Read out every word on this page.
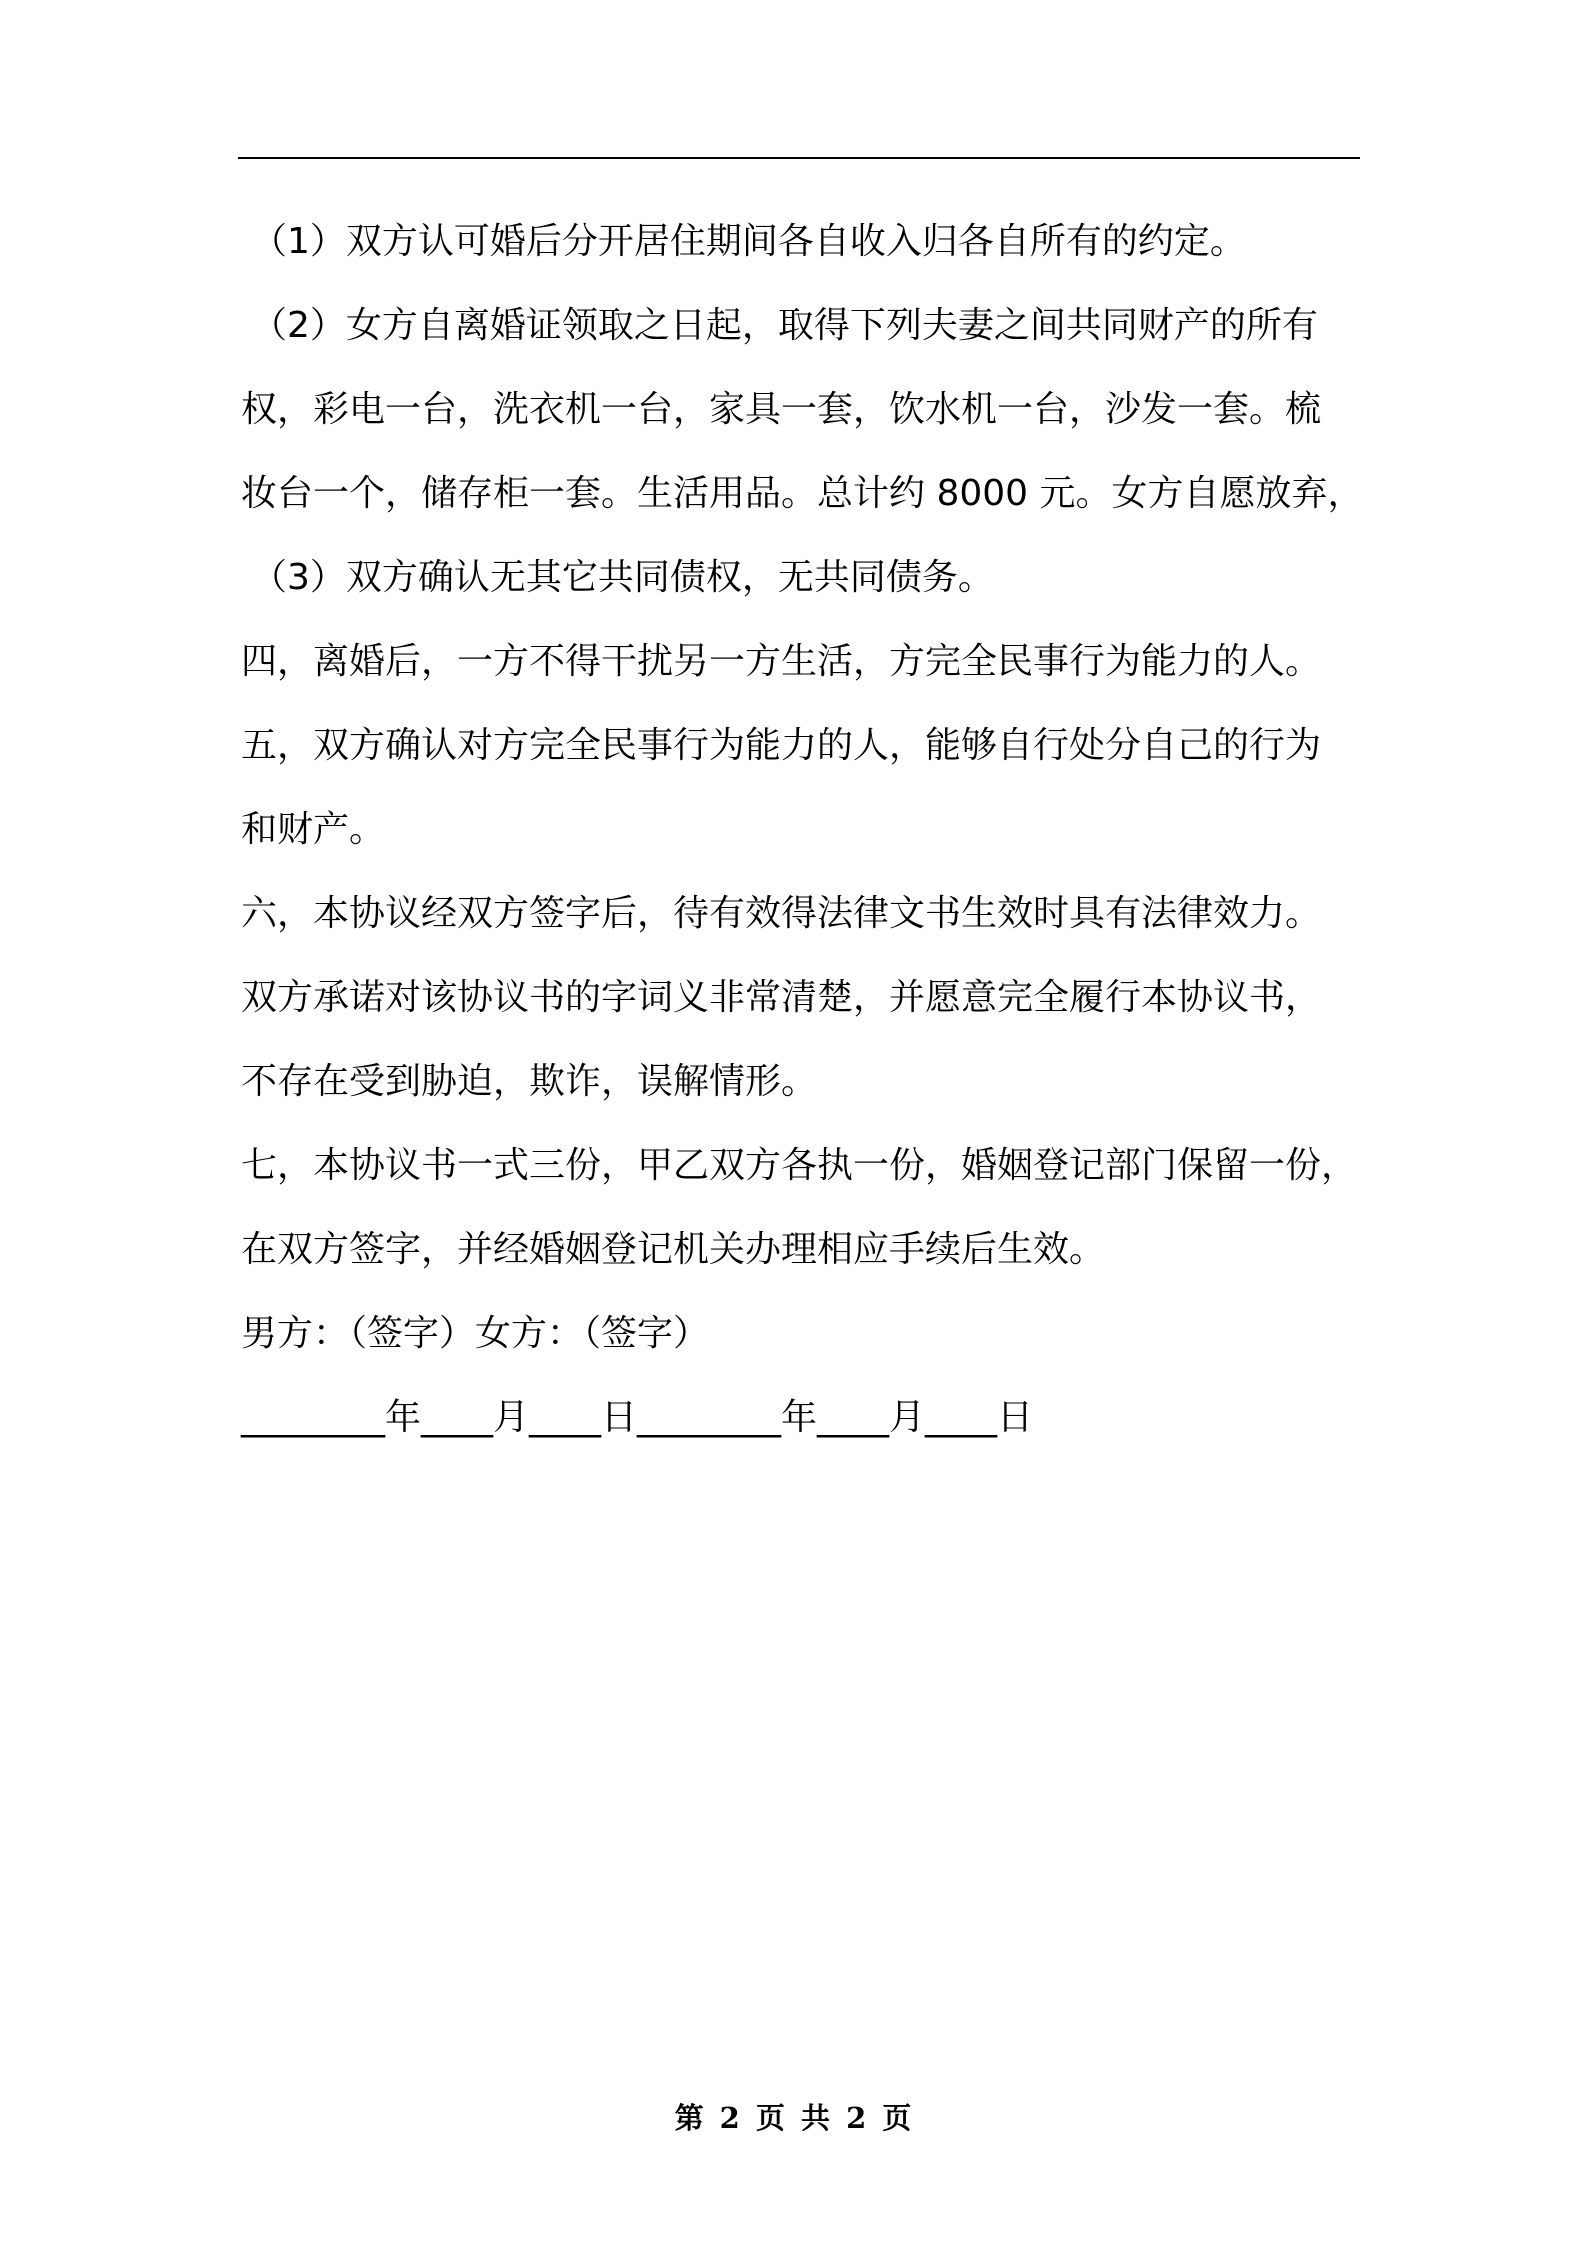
（1）双方认可婚后分开居住期间各自收入归各自所有的约定。

（2）女方自离婚证领取之日起，取得下列夫妻之间共同财产的所有

权，彩电一台，洗衣机一台，家具一套，饮水机一台，沙发一套。梳

妆台一个，储存柜一套。生活用品。总计约 8000 元。女方自愿放弃，

（3）双方确认无其它共同债权，无共同债务。

四，离婚后，一方不得干扰另一方生活，方完全民事行为能力的人。

五，双方确认对方完全民事行为能力的人，能够自行处分自己的行为

和财产。

六，本协议经双方签字后，待有效得法律文书生效时具有法律效力。

双方承诺对该协议书的字词义非常清楚，并愿意完全履行本协议书，

不存在受到胁迫，欺诈，误解情形。

七，本协议书一式三份，甲乙双方各执一份，婚姻登记部门保留一份，

在双方签字，并经婚姻登记机关办理相应手续后生效。

男方：（签字）女方：（签字）

________年____月____日________年____月____日

第 2 页 共 2 页
